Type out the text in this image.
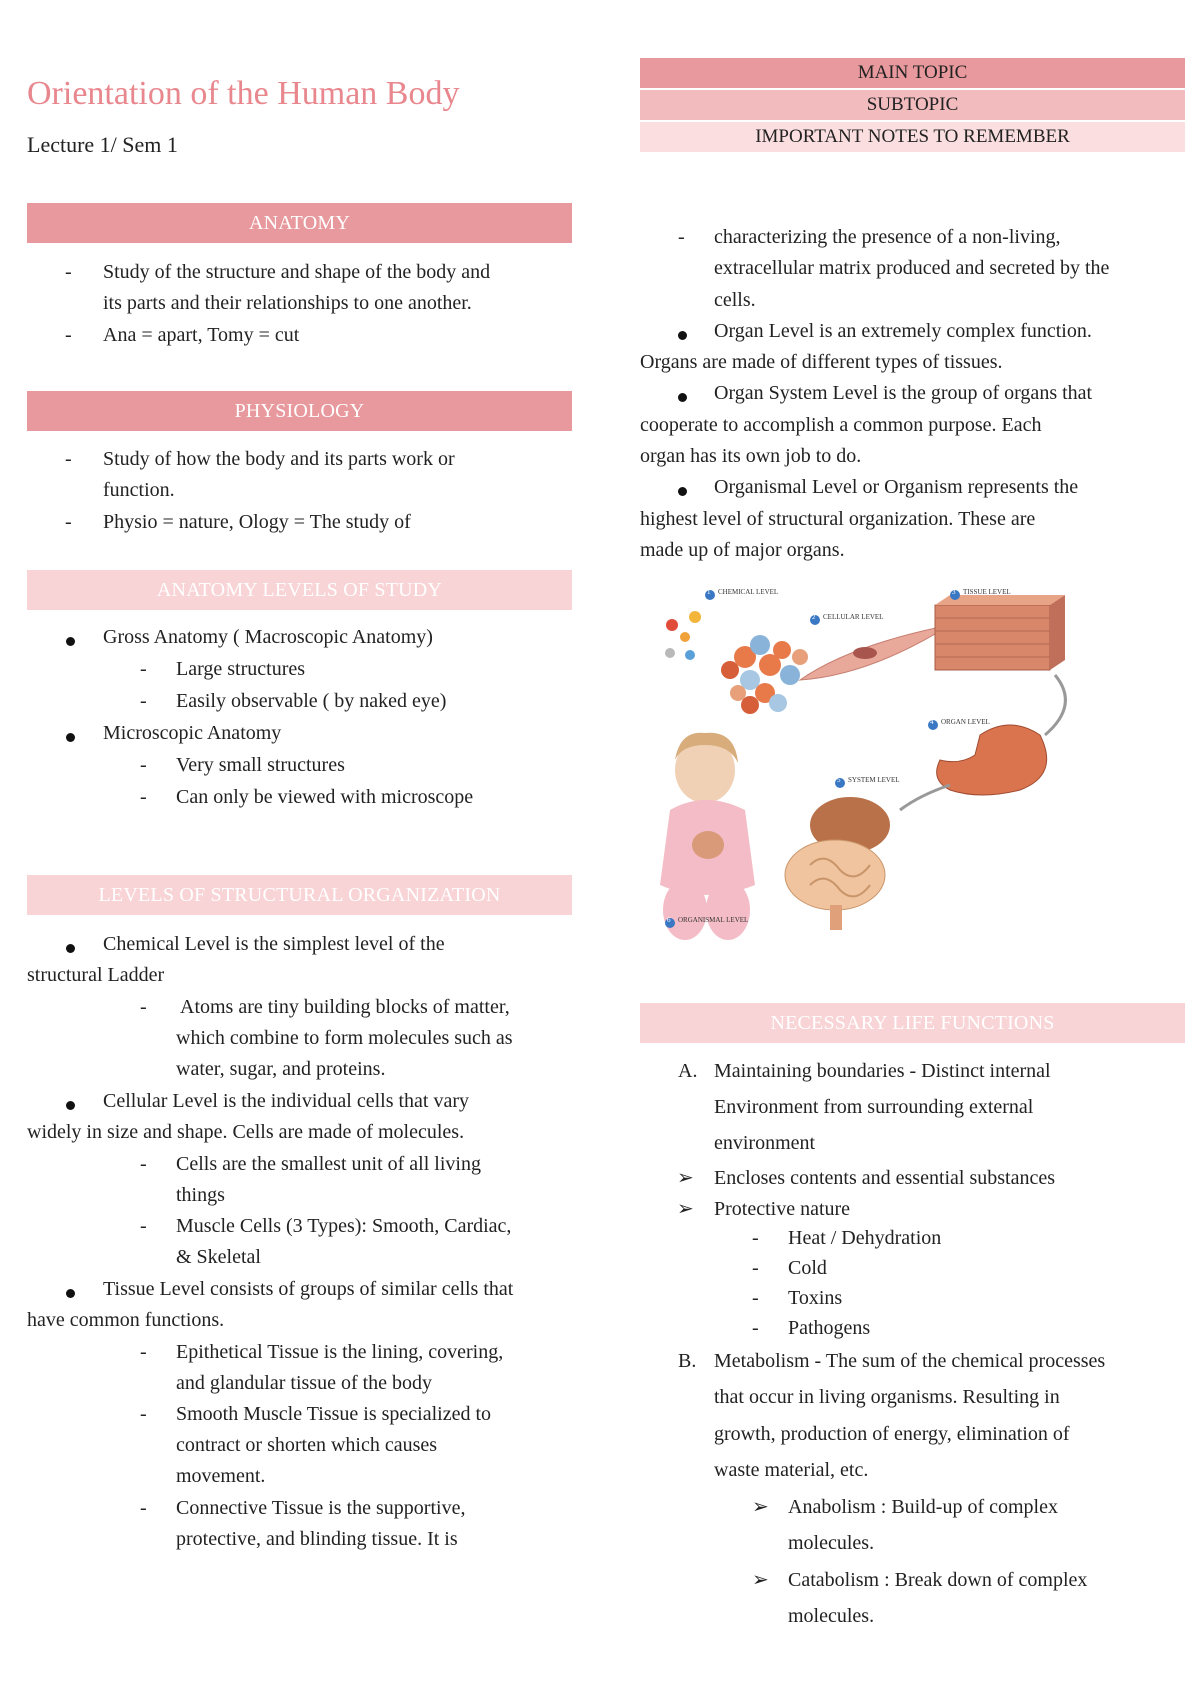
Orientation of the Human Body
Lecture 1/ Sem 1
MAIN TOPIC
SUBTOPIC
IMPORTANT NOTES TO REMEMBER
ANATOMY
- Study of the structure and shape of the body and
its parts and their relationships to one another.
- Ana = apart, Tomy = cut
PHYSIOLOGY
- Study of how the body and its parts work or
function.
- Physio = nature, Ology = The study of
ANATOMY LEVELS OF STUDY
Gross Anatomy ( Macroscopic Anatomy)
- Large structures
- Easily observable ( by naked eye)
Microscopic Anatomy
- Very small structures
- Can only be viewed with microscope
LEVELS OF STRUCTURAL ORGANIZATION
Chemical Level is the simplest level of the
structural Ladder
- Atoms are tiny building blocks of matter,
which combine to form molecules such as
water, sugar, and proteins.
Cellular Level is the individual cells that vary
widely in size and shape. Cells are made of molecules.
- Cells are the smallest unit of all living
things
- Muscle Cells (3 Types): Smooth, Cardiac,
& Skeletal
Tissue Level consists of groups of similar cells that
have common functions.
- Epithetical Tissue is the lining, covering,
and glandular tissue of the body
- Smooth Muscle Tissue is specialized to
contract or shorten which causes
movement.
- Connective Tissue is the supportive,
protective, and blinding tissue. It is
- characterizing the presence of a non-living,
extracellular matrix produced and secreted by the
cells.
Organ Level is an extremely complex function.
Organs are made of different types of tissues.
Organ System Level is the group of organs that
cooperate to accomplish a common purpose. Each
organ has its own job to do.
Organismal Level or Organism represents the
highest level of structural organization. These are
made up of major organs.
1 CHEMICAL LEVEL
2 CELLULAR LEVEL
3 TISSUE LEVEL
4 ORGAN LEVEL
5 SYSTEM LEVEL
6 ORGANISMAL LEVEL
NECESSARY LIFE FUNCTIONS
A. Maintaining boundaries - Distinct internal
Environment from surrounding external
environment
➢ Encloses contents and essential substances
➢ Protective nature
- Heat / Dehydration
- Cold
- Toxins
- Pathogens
B. Metabolism - The sum of the chemical processes
that occur in living organisms. Resulting in
growth, production of energy, elimination of
waste material, etc.
➢ Anabolism : Build-up of complex
molecules.
➢ Catabolism : Break down of complex
molecules.
